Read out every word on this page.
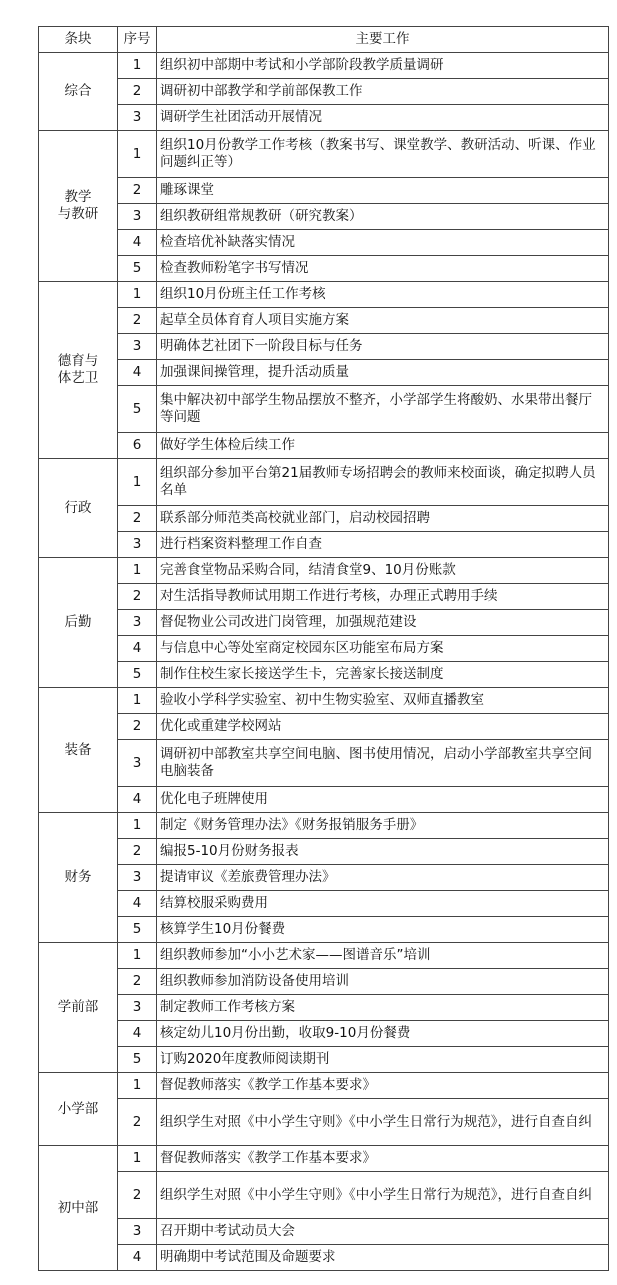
条块	序号	主要工作
综合	1	组织初中部期中考试和小学部阶段教学质量调研
	2	调研初中部教学和学前部保教工作
	3	调研学生社团活动开展情况
教学
与教研	1	组织10月份教学工作考核（教案书写、课堂教学、教研活动、听课、作业问题纠正等）
	2	雕琢课堂
	3	组织教研组常规教研（研究教案）
	4	检查培优补缺落实情况
	5	检查教师粉笔字书写情况
德育与
体艺卫	1	组织10月份班主任工作考核
	2	起草全员体育育人项目实施方案
	3	明确体艺社团下一阶段目标与任务
	4	加强课间操管理，提升活动质量
	5	集中解决初中部学生物品摆放不整齐，小学部学生将酸奶、水果带出餐厅等问题
	6	做好学生体检后续工作
行政	1	组织部分参加平台第21届教师专场招聘会的教师来校面谈，确定拟聘人员名单
	2	联系部分师范类高校就业部门，启动校园招聘
	3	进行档案资料整理工作自查
后勤	1	完善食堂物品采购合同，结清食堂9、10月份账款
	2	对生活指导教师试用期工作进行考核，办理正式聘用手续
	3	督促物业公司改进门岗管理，加强规范建设
	4	与信息中心等处室商定校园东区功能室布局方案
	5	制作住校生家长接送学生卡，完善家长接送制度
装备	1	验收小学科学实验室、初中生物实验室、双师直播教室
	2	优化或重建学校网站
	3	调研初中部教室共享空间电脑、图书使用情况，启动小学部教室共享空间电脑装备
	4	优化电子班牌使用
财务	1	制定《财务管理办法》《财务报销服务手册》
	2	编报5-10月份财务报表
	3	提请审议《差旅费管理办法》
	4	结算校服采购费用
	5	核算学生10月份餐费
学前部	1	组织教师参加“小小艺术家——图谱音乐”培训
	2	组织教师参加消防设备使用培训
	3	制定教师工作考核方案
	4	核定幼儿10月份出勤，收取9-10月份餐费
	5	订购2020年度教师阅读期刊
小学部	1	督促教师落实《教学工作基本要求》
	2	组织学生对照《中小学生守则》《中小学生日常行为规范》，进行自查自纠
初中部	1	督促教师落实《教学工作基本要求》
	2	组织学生对照《中小学生守则》《中小学生日常行为规范》，进行自查自纠
	3	召开期中考试动员大会
	4	明确期中考试范围及命题要求
